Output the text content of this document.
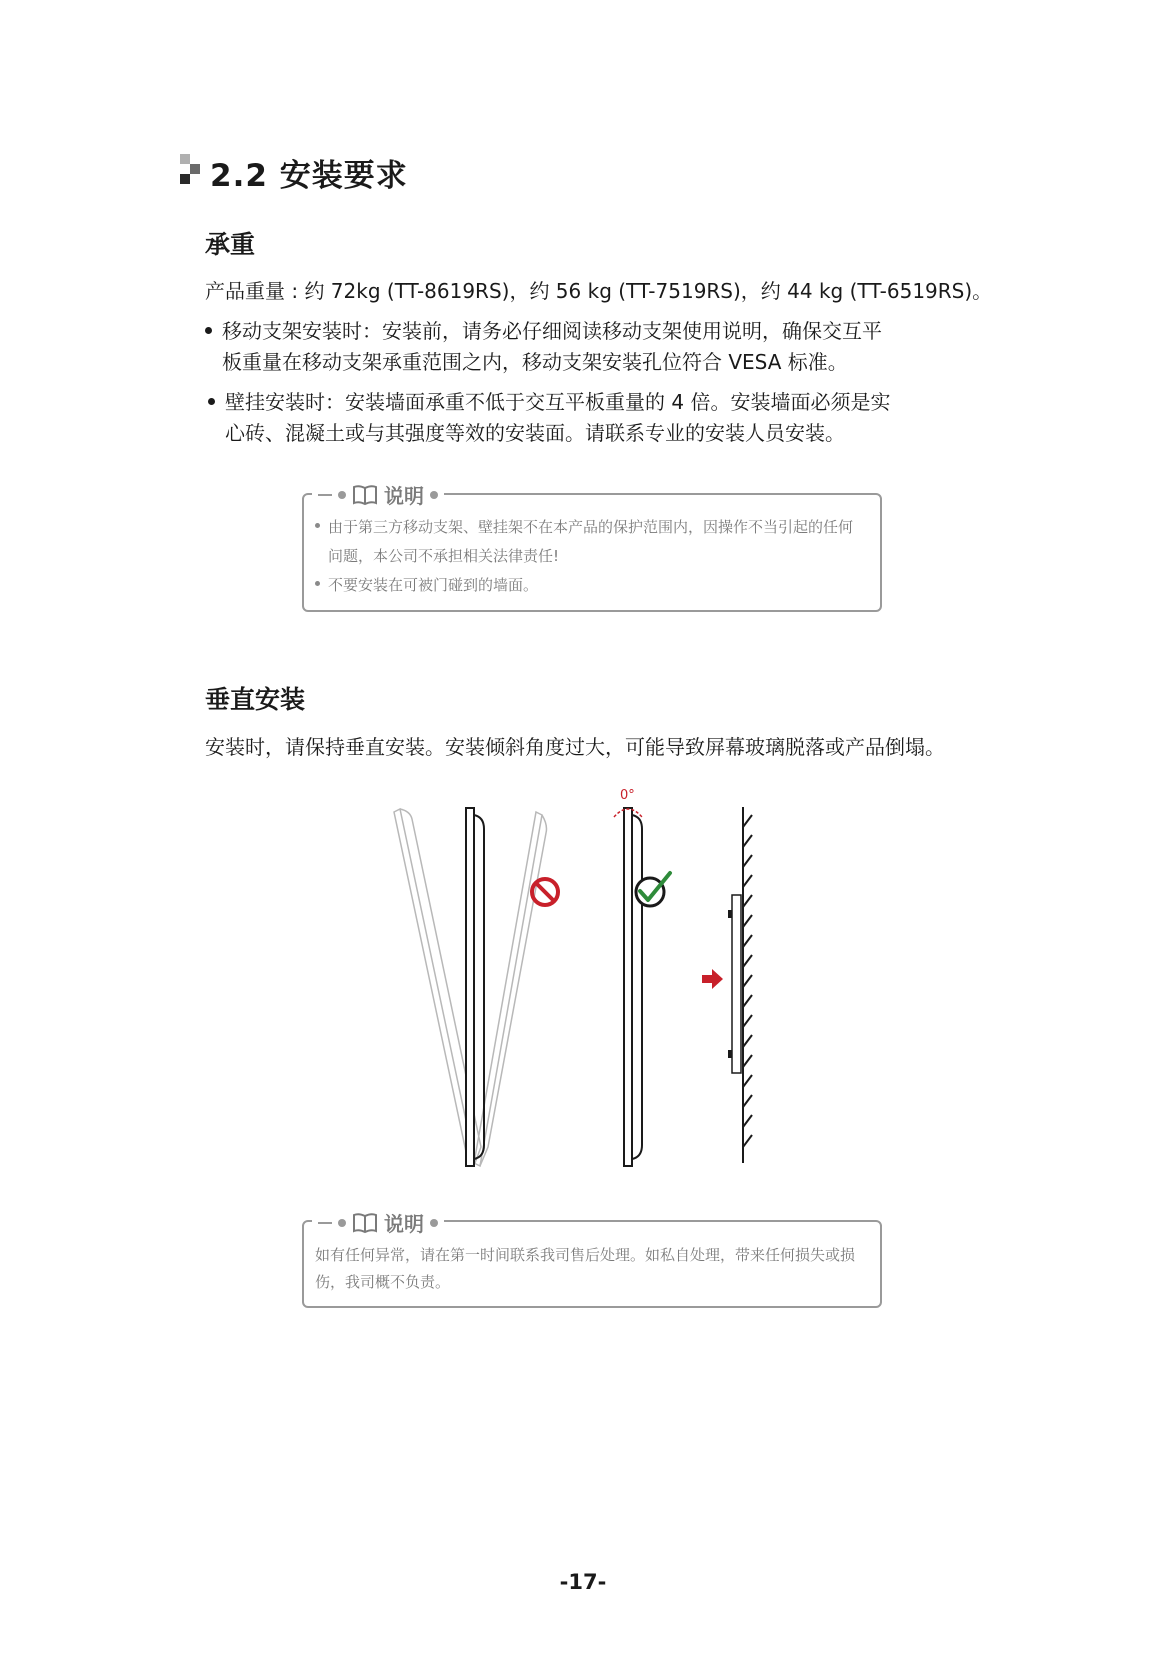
2.2 安装要求
承重
产品重量 : 约 72kg (TT-8619RS)，约 56 kg (TT-7519RS)，约 44 kg (TT-6519RS)。
移动支架安装时：安装前，请务必仔细阅读移动支架使用说明，确保交互平
板重量在移动支架承重范围之内，移动支架安装孔位符合 VESA 标准。
壁挂安装时：安装墙面承重不低于交互平板重量的 4 倍。安装墙面必须是实
心砖、混凝土或与其强度等效的安装面。请联系专业的安装人员安装。
说明
由于第三方移动支架、壁挂架不在本产品的保护范围内，因操作不当引起的任何
问题，本公司不承担相关法律责任!
不要安装在可被门碰到的墙面。
垂直安装
安装时，请保持垂直安装。安装倾斜角度过大，可能导致屏幕玻璃脱落或产品倒塌。
0°
说明
如有任何异常，请在第一时间联系我司售后处理。如私自处理，带来任何损失或损
伤，我司概不负责。
-17-
